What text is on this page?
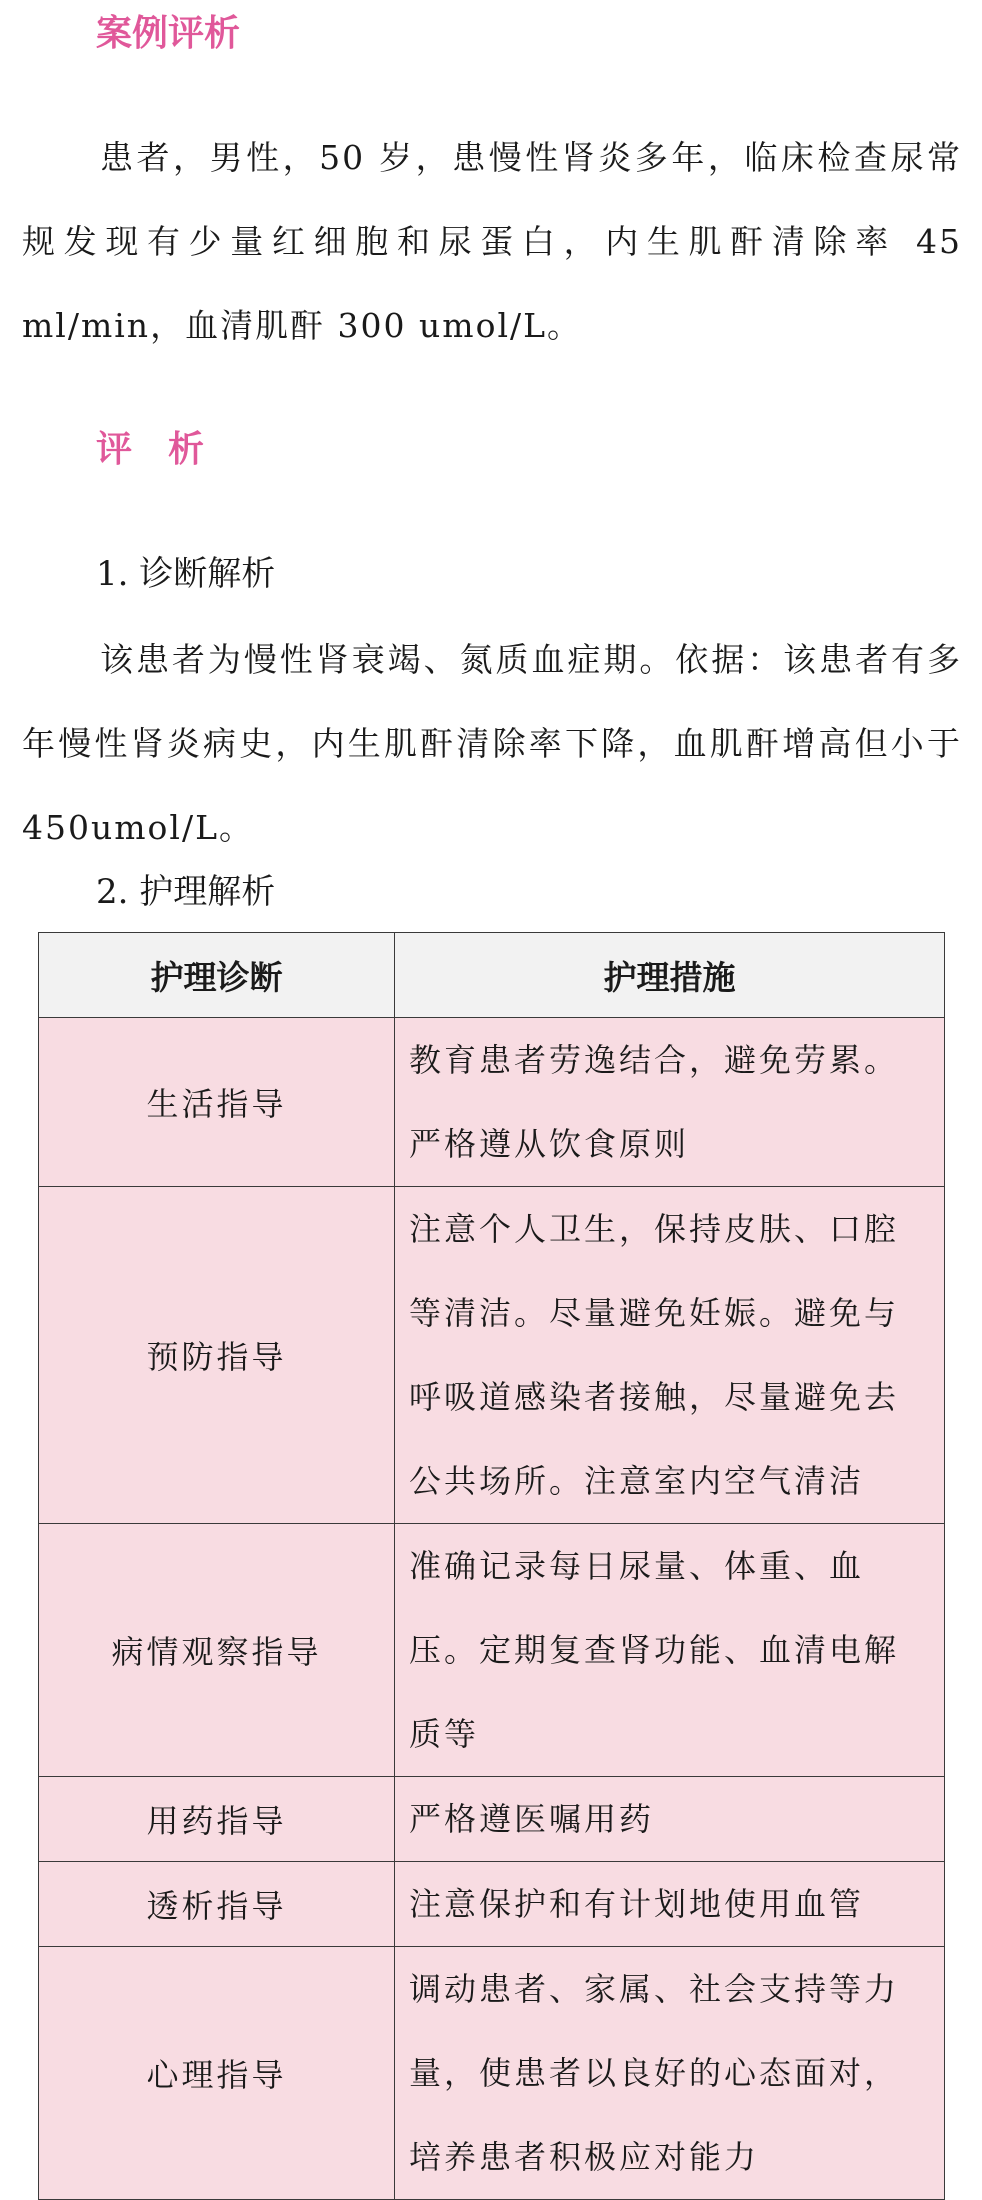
案例评析

患者，男性，50 岁，患慢性肾炎多年，临床检查尿常规发现有少量红细胞和尿蛋白，内生肌酐清除率 45 ml/min，血清肌酐 300 umol/L。

评　析

1. 诊断解析

该患者为慢性肾衰竭、氮质血症期。依据：该患者有多年慢性肾炎病史，内生肌酐清除率下降，血肌酐增高但小于 450umol/L。

2. 护理解析

护理诊断	护理措施
生活指导	教育患者劳逸结合，避免劳累。严格遵从饮食原则
预防指导	注意个人卫生，保持皮肤、口腔等清洁。尽量避免妊娠。避免与呼吸道感染者接触，尽量避免去公共场所。注意室内空气清洁
病情观察指导	准确记录每日尿量、体重、血压。定期复查肾功能、血清电解质等
用药指导	严格遵医嘱用药
透析指导	注意保护和有计划地使用血管
心理指导	调动患者、家属、社会支持等力量，使患者以良好的心态面对，培养患者积极应对能力
